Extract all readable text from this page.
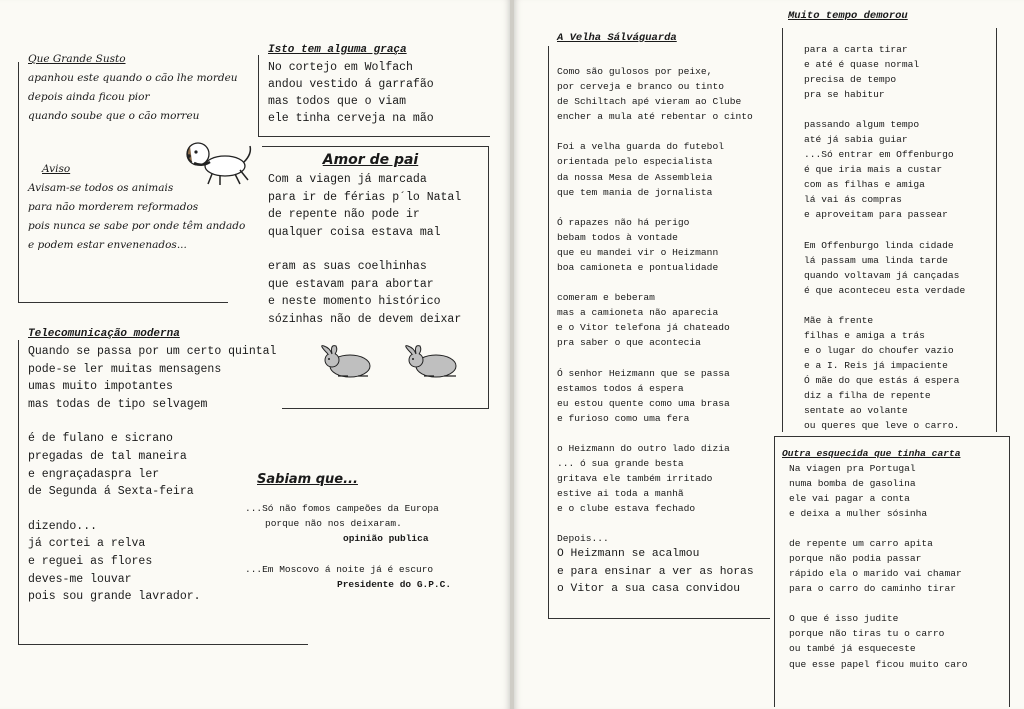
Que Grande Susto
apanhou este quando o cão lhe mordeu
depois ainda ficou pior
quando soube que o cão morreu
Aviso
Avisam-se todos os animais
para não morderem reformados
pois nunca se sabe por onde têm andado
e podem estar envenenados...
Isto tem alguma graça
No cortejo em Wolfach
andou vestido á garrafão
mas todos que o viam
ele tinha cerveja na mão
Amor de pai
Com a viagen já marcada
para ir de férias p´lo Natal
de repente não pode ir
qualquer coisa estava mal
eram as suas coelhinhas
que estavam para abortar
e neste momento histórico
sózinhas não de devem deixar
Telecomunicação moderna
Quando se passa por um certo quintal
pode-se ler muitas mensagens
umas muito impotantes
mas todas de tipo selvagem
é de fulano e sicrano
pregadas de tal maneira
e engraçadaspra ler
de Segunda á Sexta-feira
dizendo...
já cortei a relva
e reguei as flores
deves-me louvar
pois sou grande lavrador.
Sabiam que...
...Só não fomos campeões da Europa
porque não nos deixaram.
opinião publica
...Em Moscovo á noite já é escuro
Presidente do G.P.C.
A Velha Sálváguarda
Como são gulosos por peixe,
por cerveja e branco ou tinto
de Schiltach apé vieram ao Clube
encher a mula até rebentar o cinto
Foi a velha guarda do futebol
orientada pelo especialista
da nossa Mesa de Assembleia
que tem mania de jornalista
Ó rapazes não há perigo
bebam todos à vontade
que eu mandei vir o Heizmann
boa camioneta e pontualidade
comeram e beberam
mas a camioneta não aparecia
e o Vitor telefona já chateado
pra saber o que acontecia
Ó senhor Heizmann que se passa
estamos todos á espera
eu estou quente como uma brasa
e furioso como uma fera
o Heizmann do outro lado dizia
... ó sua grande besta
gritava ele também irritado
estive ai toda a manhã
e o clube estava fechado
Depois...
O Heizmann se acalmou
e para ensinar a ver as horas
o Vitor a sua casa convidou
Muito tempo demorou
para a carta tirar
e até é quase normal
precisa de tempo
pra se habitur
passando algum tempo
até já sabia guiar
...Só entrar em Offenburgo
é que iria mais a custar
com as filhas e amiga
lá vai ás compras
e aproveitam para passear
Em Offenburgo linda cidade
lá passam uma linda tarde
quando voltavam já cançadas
é que aconteceu esta verdade
Mãe à frente
filhas e amiga a trás
e o lugar do choufer vazio
e a I. Reis já impaciente
Ó mãe do que estás á espera
diz a filha de repente
sentate ao volante
ou queres que leve o carro.
Outra esquecida que tinha carta
Na viagen pra Portugal
numa bomba de gasolina
ele vai pagar a conta
e deixa a mulher sósinha
de repente um carro apita
porque não podia passar
rápido ela o marido vai chamar
para o carro do caminho tirar
O que é isso judite
porque não tiras tu o carro
ou també já esqueceste
que esse papel ficou muito caro
